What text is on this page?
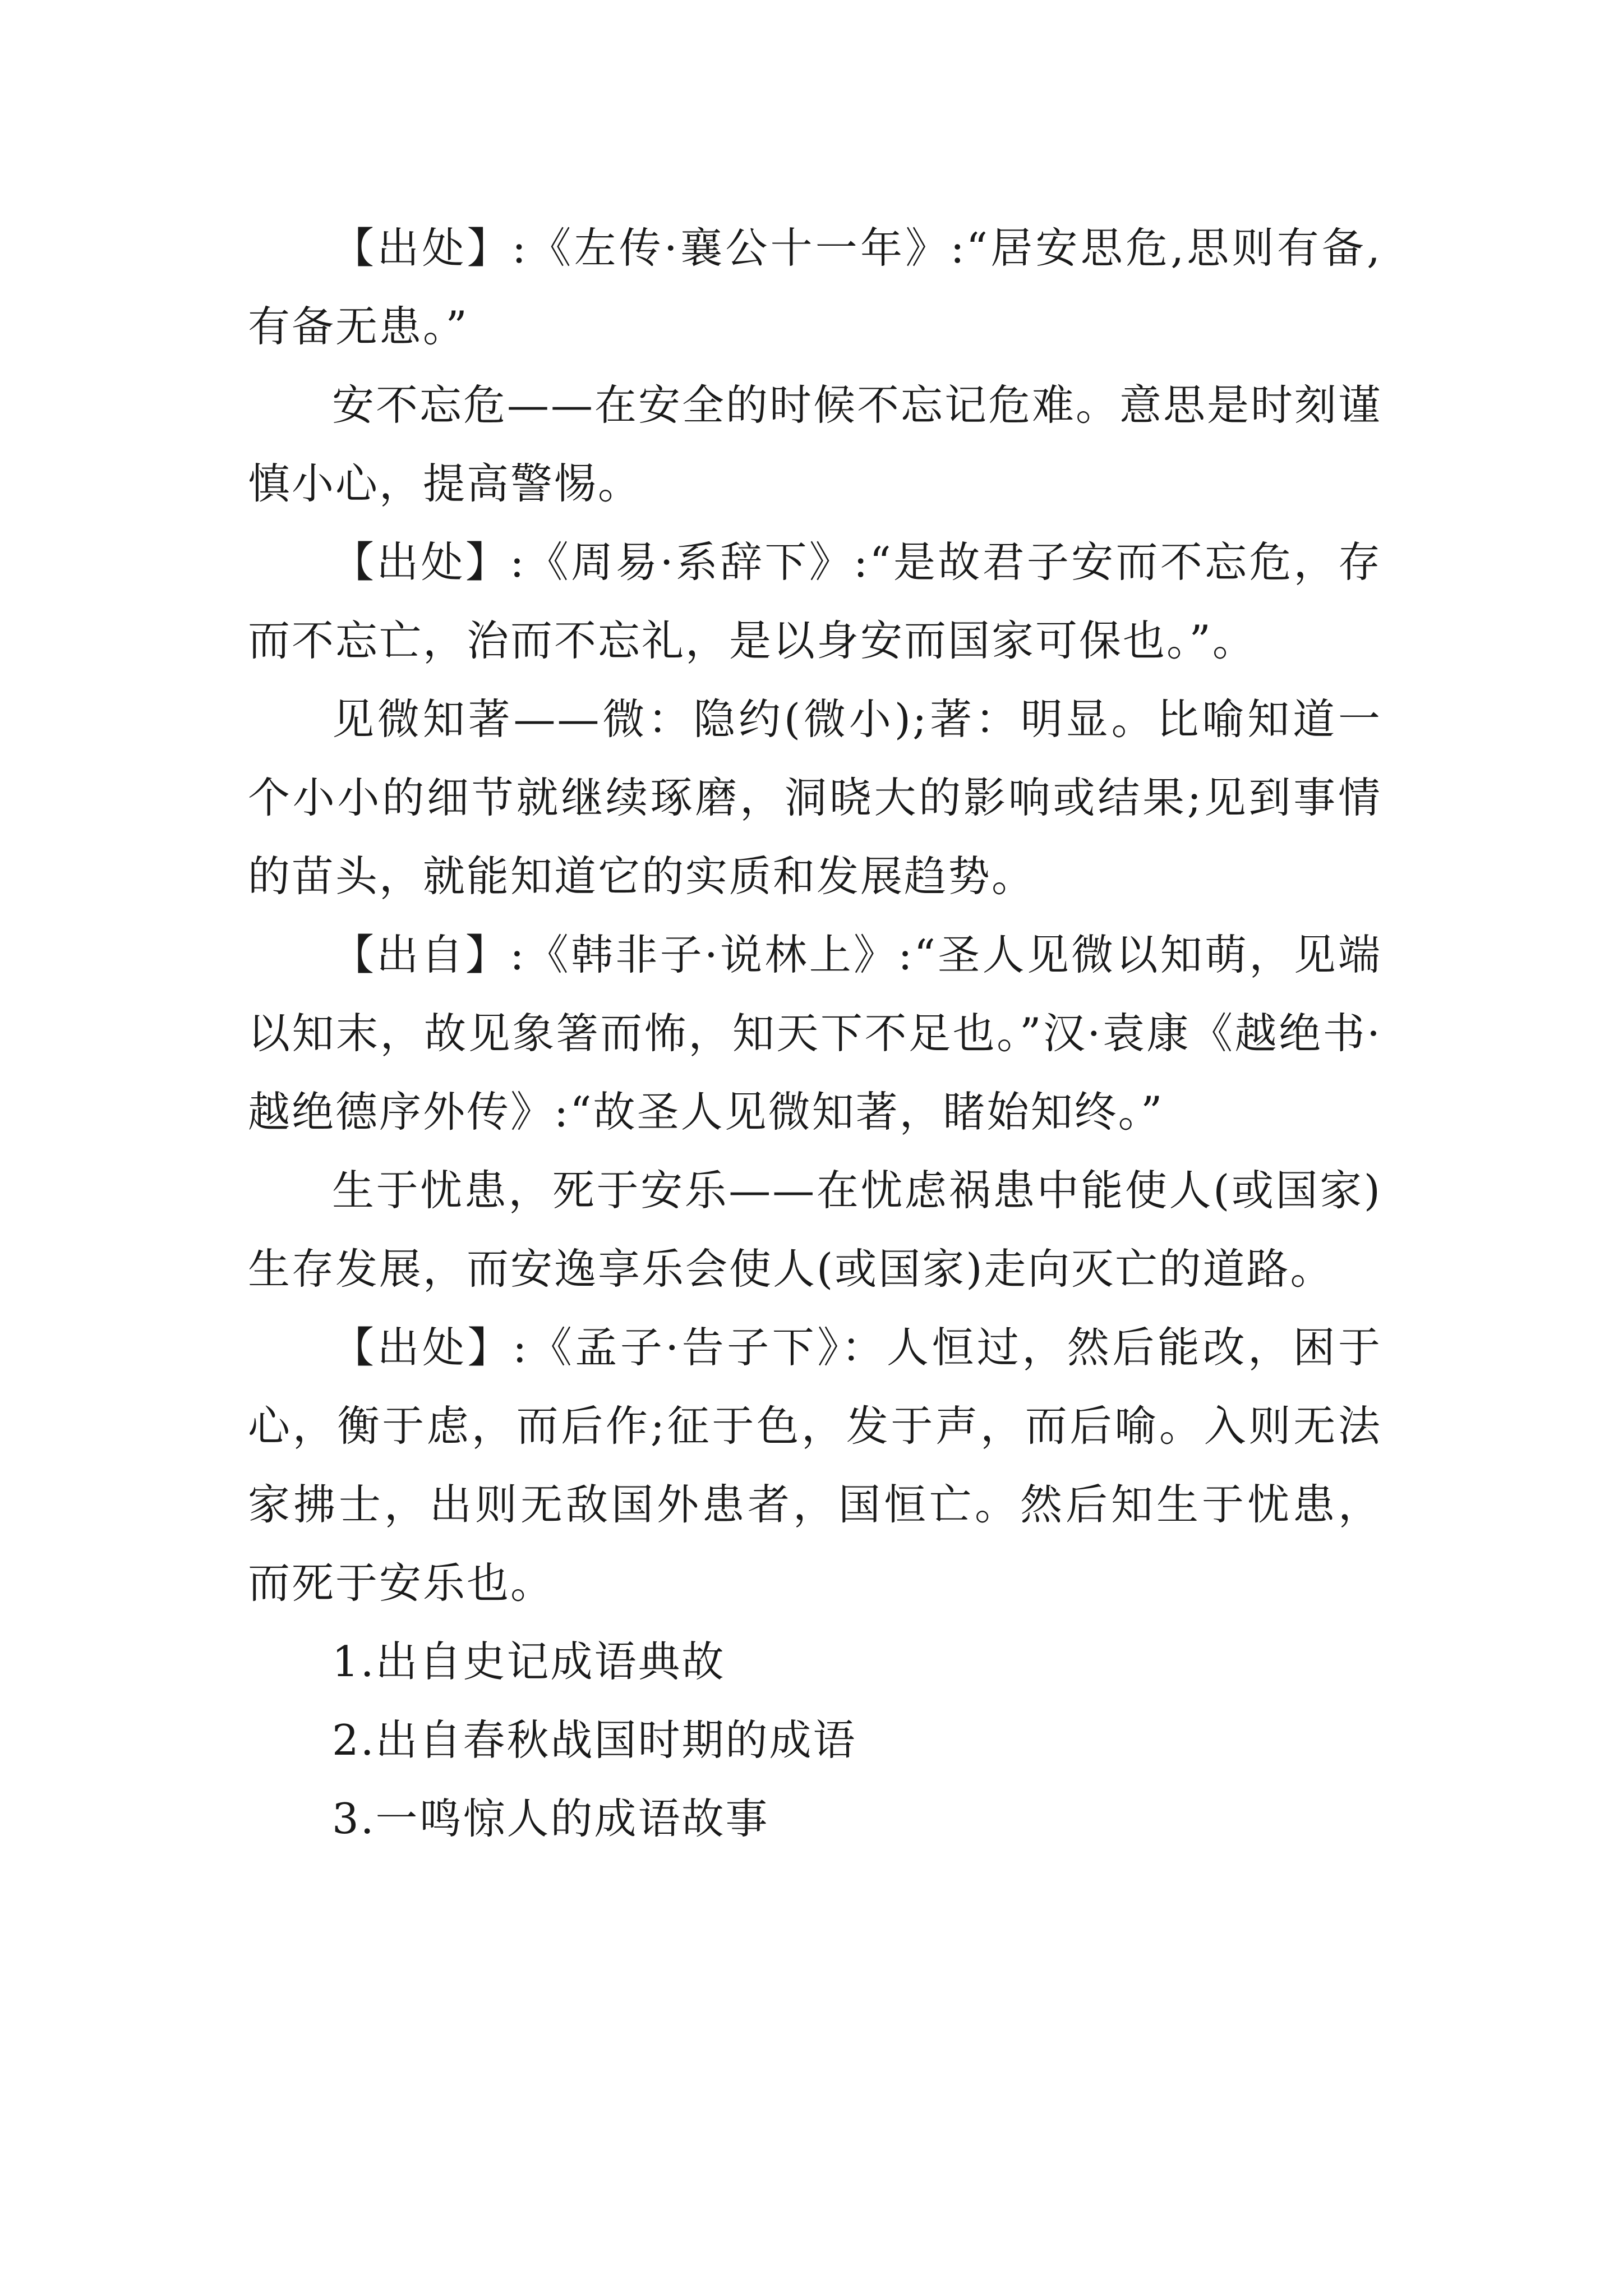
【出处】:《左传·襄公十一年》:“居安思危,思则有备,有备无患。”

安不忘危——在安全的时候不忘记危难。意思是时刻谨慎小心，提高警惕。

【出处】:《周易·系辞下》:“是故君子安而不忘危，存而不忘亡，治而不忘礼，是以身安而国家可保也。”。

见微知著——微：隐约(微小);著：明显。比喻知道一个小小的细节就继续琢磨，洞晓大的影响或结果;见到事情的苗头，就能知道它的实质和发展趋势。

【出自】:《韩非子·说林上》:“圣人见微以知萌，见端以知末，故见象箸而怖，知天下不足也。”汉·袁康《越绝书·越绝德序外传》:“故圣人见微知著，睹始知终。”

生于忧患，死于安乐——在忧虑祸患中能使人(或国家)生存发展，而安逸享乐会使人(或国家)走向灭亡的道路。

【出处】:《孟子·告子下》：人恒过，然后能改，困于心，衡于虑，而后作;征于色，发于声，而后喻。入则无法家拂士，出则无敌国外患者，国恒亡。然后知生于忧患，而死于安乐也。

1.出自史记成语典故

2.出自春秋战国时期的成语

3.一鸣惊人的成语故事
